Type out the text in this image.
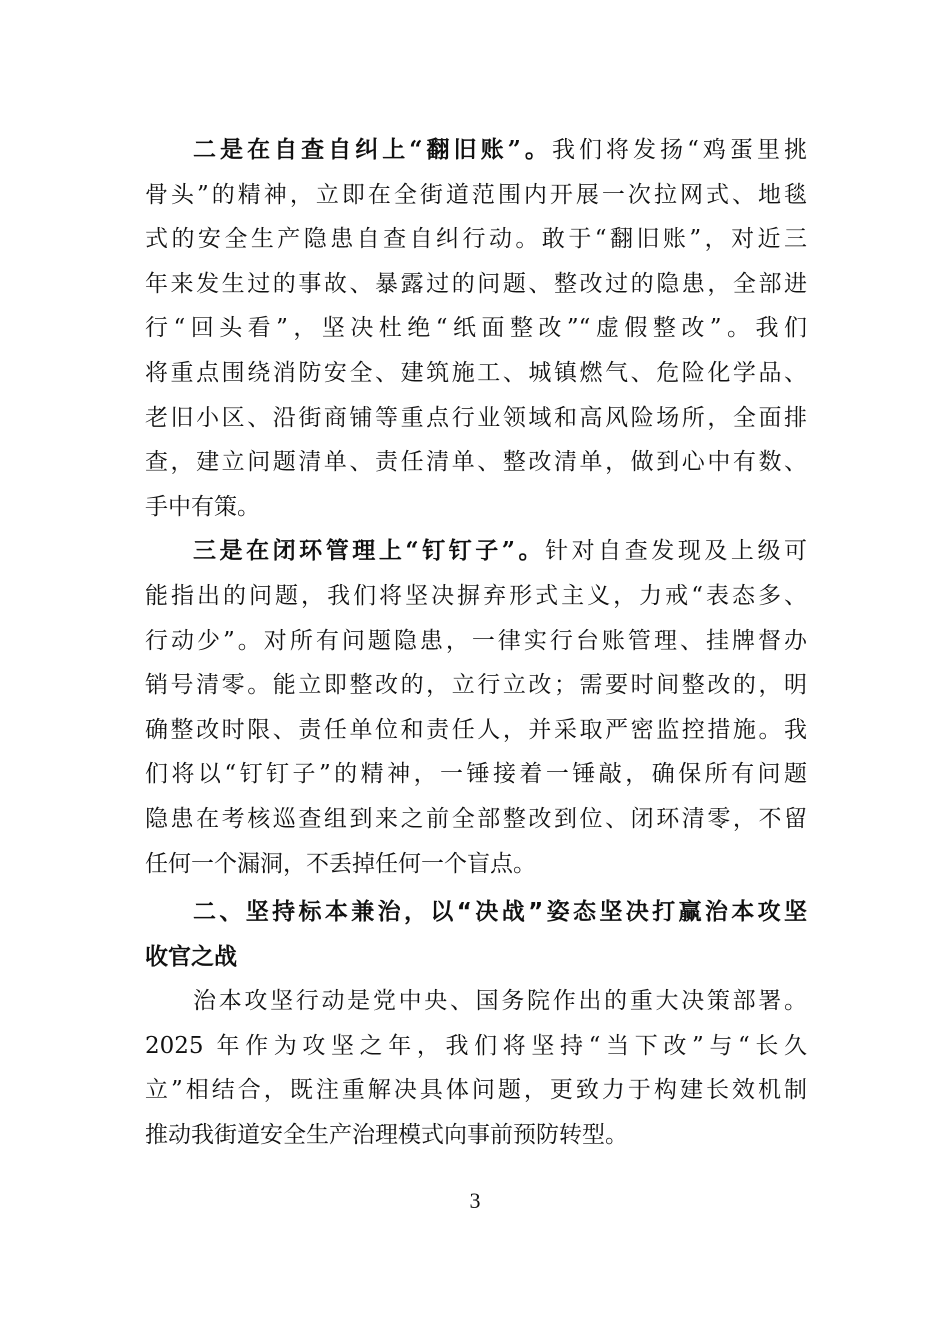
二是在自查自纠上“翻旧账”。我们将发扬“鸡蛋里挑
骨头”的精神，立即在全街道范围内开展一次拉网式、地毯
式的安全生产隐患自查自纠行动。敢于“翻旧账”，对近三
年来发生过的事故、暴露过的问题、整改过的隐患，全部进
行“回头看”，坚决杜绝“纸面整改”“虚假整改”。我们
将重点围绕消防安全、建筑施工、城镇燃气、危险化学品、
老旧小区、沿街商铺等重点行业领域和高风险场所，全面排
查，建立问题清单、责任清单、整改清单，做到心中有数、
手中有策。
三是在闭环管理上“钉钉子”。针对自查发现及上级可
能指出的问题，我们将坚决摒弃形式主义，力戒“表态多、
行动少”。对所有问题隐患，一律实行台账管理、挂牌督办
销号清零。能立即整改的，立行立改；需要时间整改的，明
确整改时限、责任单位和责任人，并采取严密监控措施。我
们将以“钉钉子”的精神，一锤接着一锤敲，确保所有问题
隐患在考核巡查组到来之前全部整改到位、闭环清零，不留
任何一个漏洞，不丢掉任何一个盲点。
二、坚持标本兼治，以“决战”姿态坚决打赢治本攻坚
收官之战
治本攻坚行动是党中央、国务院作出的重大决策部署。
2025 年作为攻坚之年，我们将坚持“当下改”与“长久
立”相结合，既注重解决具体问题，更致力于构建长效机制
推动我街道安全生产治理模式向事前预防转型。
3
